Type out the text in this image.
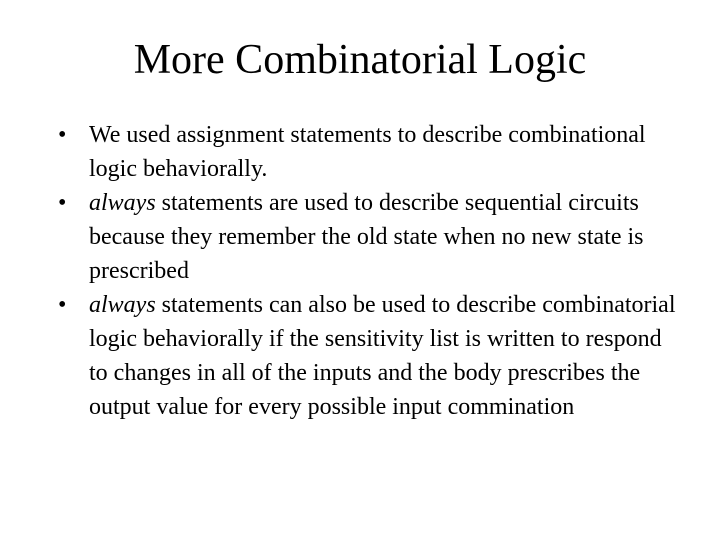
More Combinatorial Logic
• We used assignment statements to describe combinational logic behaviorally.
• always statements are used to describe sequential circuits because they remember the old state when no new state is prescribed
• always statements can also be used to describe combinatorial logic behaviorally if the sensitivity list is written to respond to changes in all of the inputs and the body prescribes the output value for every possible input commination
